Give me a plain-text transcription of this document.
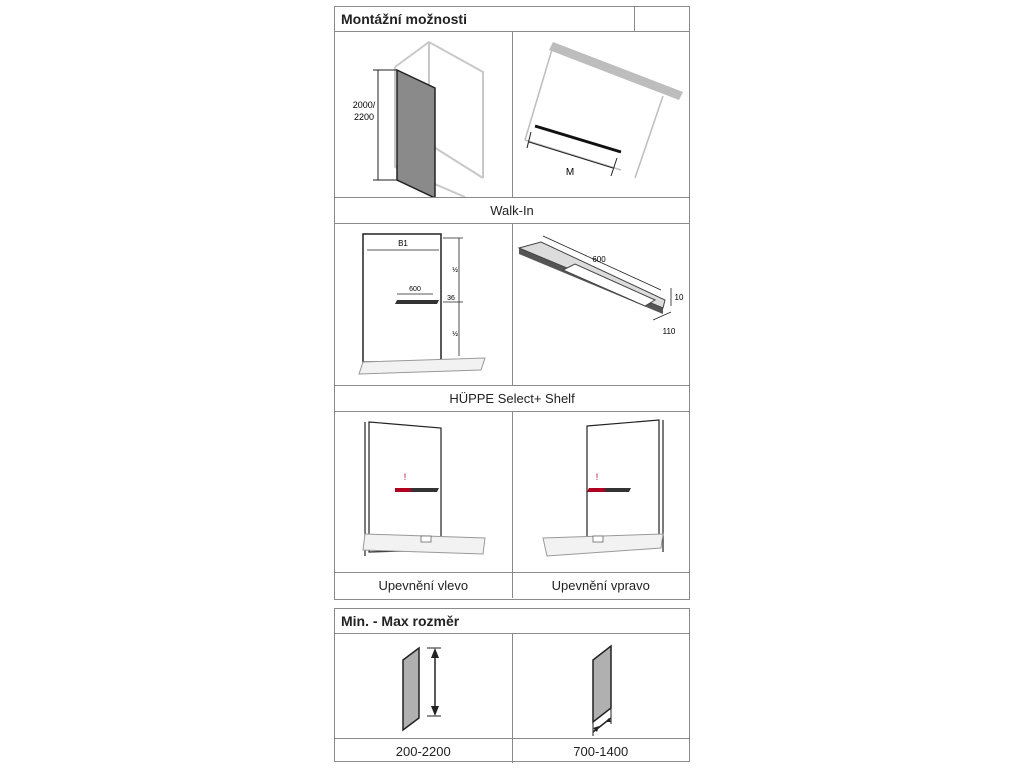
Montážní možnosti
2000/
2200
M
Walk-In
B1
600
36
½
½
600
10
110
HÜPPE Select+ Shelf
!	!
Upevnění vlevo	Upevnění vpravo
Min. - Max rozměr
200-2200	700-1400
